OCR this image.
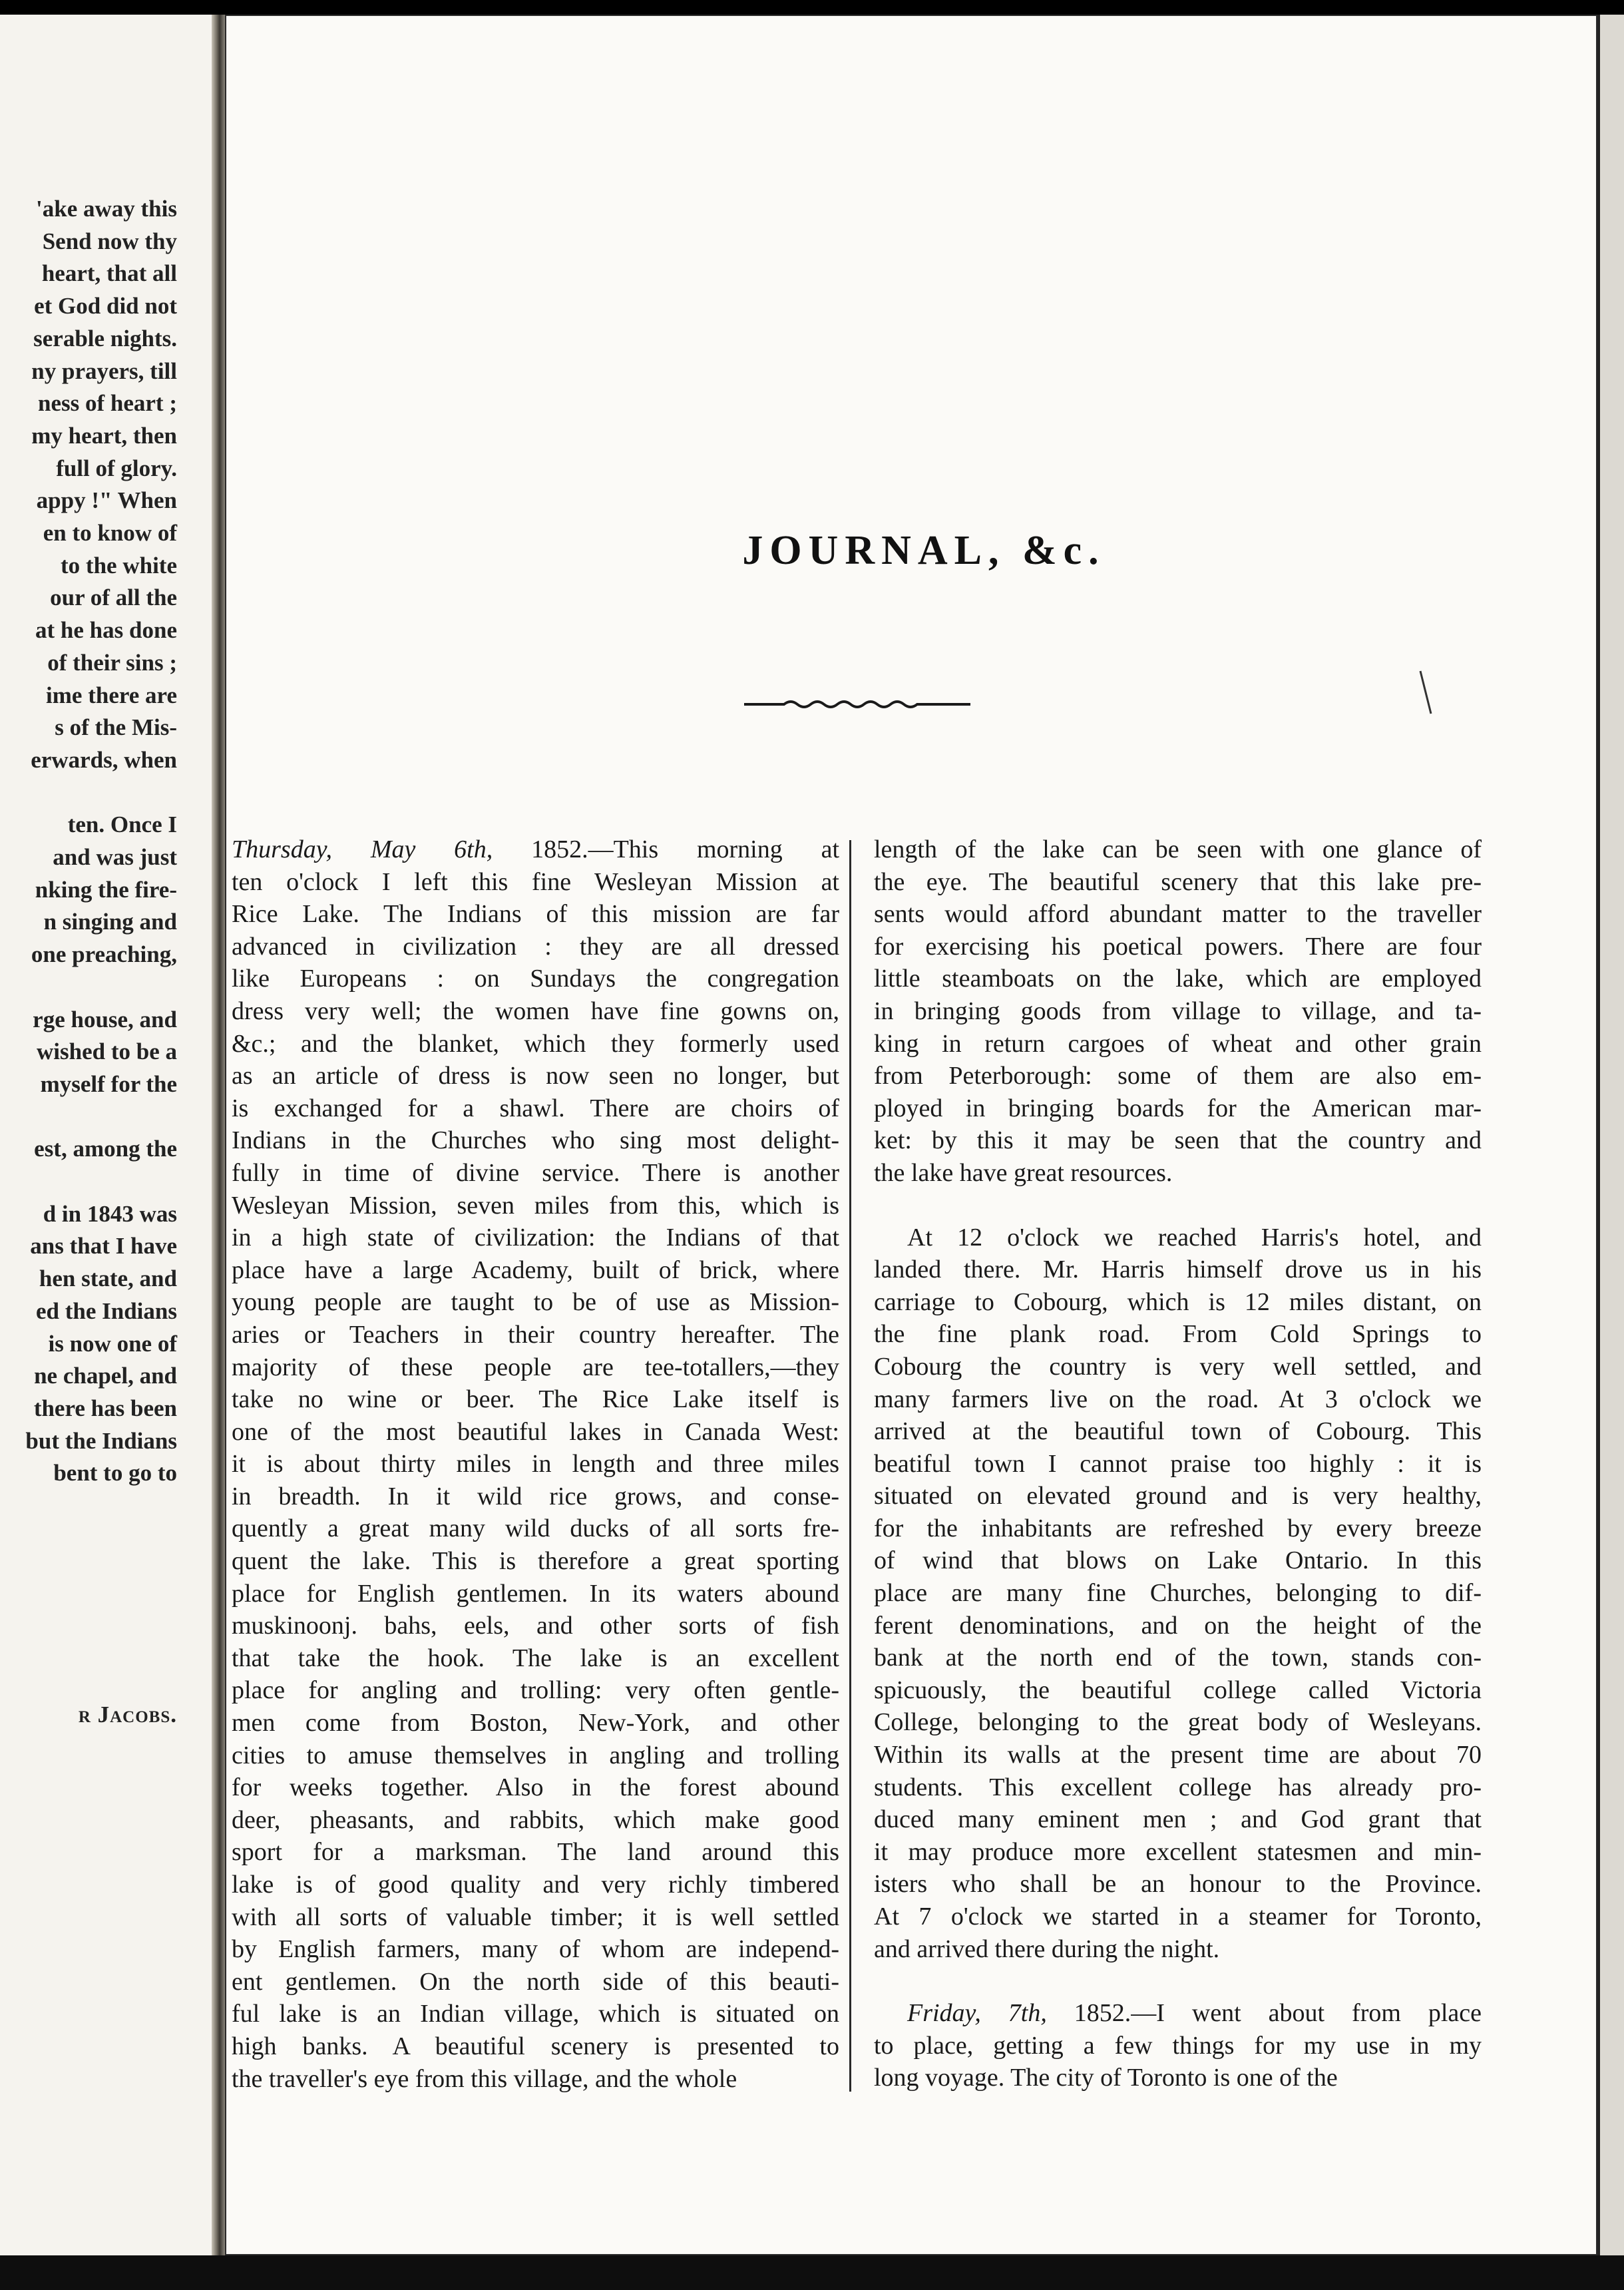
'ake away this

Send now thy

heart, that all

et God did not

serable nights.

ny prayers, till

ness of heart ;

my heart, then

full of glory.

appy !" When

en to know of

to the white

our of all the

at he has done

of their sins ;

ime there are

s of the Mis-

erwards, when

ten. Once I

and was just

nking the fire-

n singing and

one preaching,

rge house, and

wished to be a

myself for the

est, among the

d in 1843 was

ans that I have

hen state, and

ed the Indians

is now one of

ne chapel, and

there has been

but the Indians

bent to go to

r Jacobs.

JOURNAL, &c.
Thursday, May 6th, 1852.—This morning at
ten o'clock I left this fine Wesleyan Mission at
Rice Lake. The Indians of this mission are far
advanced in civilization : they are all dressed
like Europeans : on Sundays the congregation
dress very well; the women have fine gowns on,
&c.; and the blanket, which they formerly used
as an article of dress is now seen no longer, but
is exchanged for a shawl. There are choirs of
Indians in the Churches who sing most delight-
fully in time of divine service. There is another
Wesleyan Mission, seven miles from this, which is
in a high state of civilization: the Indians of that
place have a large Academy, built of brick, where
young people are taught to be of use as Mission-
aries or Teachers in their country hereafter. The
majority of these people are tee-totallers,—they
take no wine or beer. The Rice Lake itself is
one of the most beautiful lakes in Canada West:
it is about thirty miles in length and three miles
in breadth. In it wild rice grows, and conse-
quently a great many wild ducks of all sorts fre-
quent the lake. This is therefore a great sporting
place for English gentlemen. In its waters abound
muskinoonj. bahs, eels, and other sorts of fish
that take the hook. The lake is an excellent
place for angling and trolling: very often gentle-
men come from Boston, New-York, and other
cities to amuse themselves in angling and trolling
for weeks together. Also in the forest abound
deer, pheasants, and rabbits, which make good
sport for a marksman. The land around this
lake is of good quality and very richly timbered
with all sorts of valuable timber; it is well settled
by English farmers, many of whom are independ-
ent gentlemen. On the north side of this beauti-
ful lake is an Indian village, which is situated on
high banks. A beautiful scenery is presented to
the traveller's eye from this village, and the whole
length of the lake can be seen with one glance of
the eye. The beautiful scenery that this lake pre-
sents would afford abundant matter to the traveller
for exercising his poetical powers. There are four
little steamboats on the lake, which are employed
in bringing goods from village to village, and ta-
king in return cargoes of wheat and other grain
from Peterborough: some of them are also em-
ployed in bringing boards for the American mar-
ket: by this it may be seen that the country and
the lake have great resources.
At 12 o'clock we reached Harris's hotel, and
landed there. Mr. Harris himself drove us in his
carriage to Cobourg, which is 12 miles distant, on
the fine plank road. From Cold Springs to
Cobourg the country is very well settled, and
many farmers live on the road. At 3 o'clock we
arrived at the beautiful town of Cobourg. This
beatiful town I cannot praise too highly : it is
situated on elevated ground and is very healthy,
for the inhabitants are refreshed by every breeze
of wind that blows on Lake Ontario. In this
place are many fine Churches, belonging to dif-
ferent denominations, and on the height of the
bank at the north end of the town, stands con-
spicuously, the beautiful college called Victoria
College, belonging to the great body of Wesleyans.
Within its walls at the present time are about 70
students. This excellent college has already pro-
duced many eminent men ; and God grant that
it may produce more excellent statesmen and min-
isters who shall be an honour to the Province.
At 7 o'clock we started in a steamer for Toronto,
and arrived there during the night.
Friday, 7th, 1852.—I went about from place
to place, getting a few things for my use in my
long voyage. The city of Toronto is one of the
